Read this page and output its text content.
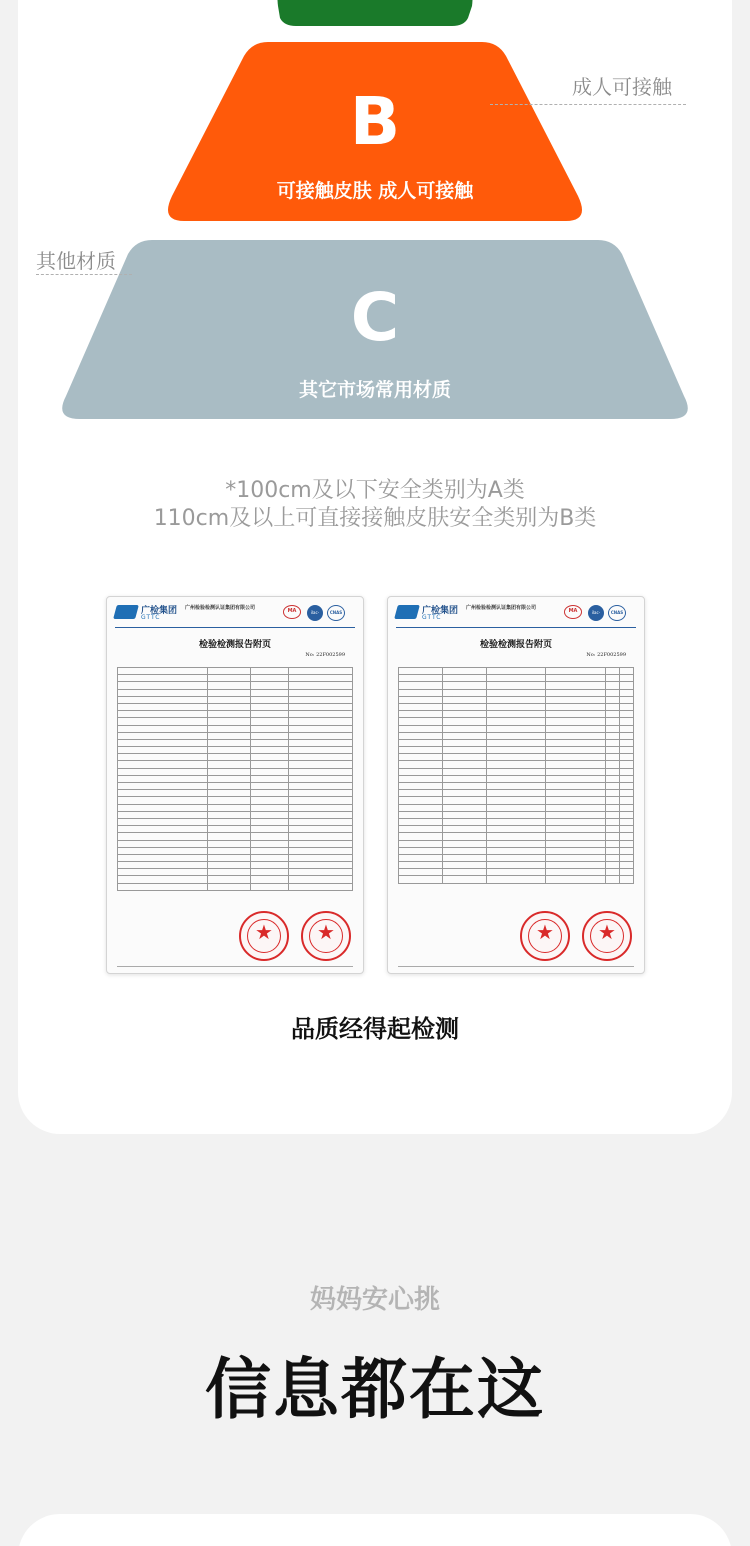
B
可接触皮肤 成人可接触
C
其它市场常用材质
成人可接触
其他材质
*100cm及以下安全类别为A类
110cm及以上可直接接触皮肤安全类别为B类
广检集团
GTTC
广州检验检测认证集团有限公司	MA	ilac-MRA
CNAS
检验检测报告附页
No: 22F002599

★	★
广检集团
GTTC
广州检验检测认证集团有限公司	MA	ilac-MRA
CNAS
检验检测报告附页
No: 22F002599

★	★
品质经得起检测
妈妈安心挑
信息都在这
